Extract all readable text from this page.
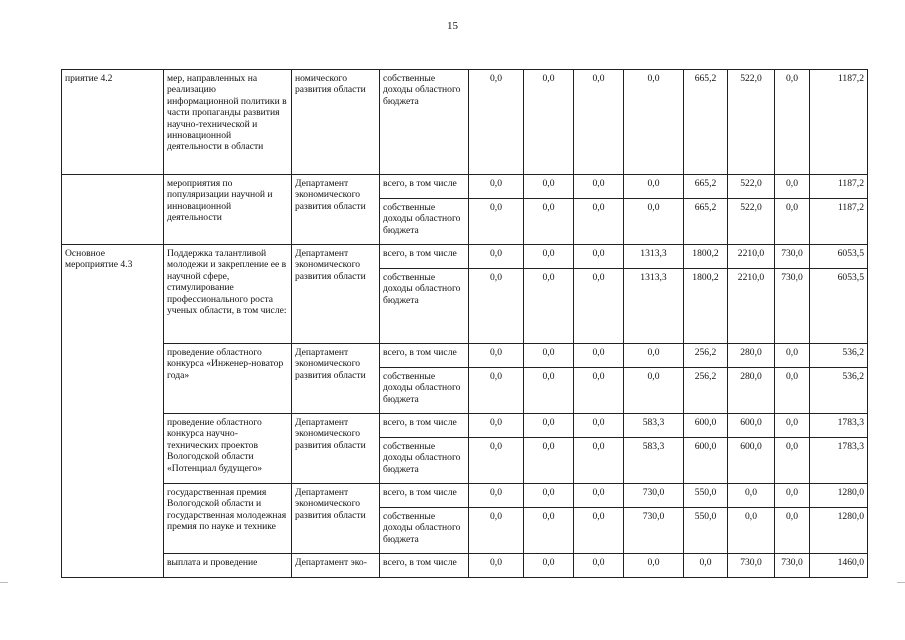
15
приятие 4.2	мер, направленных на реализацию информационной политики в части пропаганды развития научно-технической и инновационной деятельности в области	номического развития области	собственные доходы областного бюджета	0,0	0,0	0,0	0,0	665,2	522,0	0,0	1187,2
	мероприятия по популяризации научной и инновационной деятельности	Департамент экономического развития области	всего, в том числе	0,0	0,0	0,0	0,0	665,2	522,0	0,0	1187,2
			собственные доходы областного бюджета	0,0	0,0	0,0	0,0	665,2	522,0	0,0	1187,2
Основное мероприятие 4.3	Поддержка талантливой молодежи и закрепление ее в научной сфере, стимулирование профессионального роста ученых области, в том числе:	Департамент экономического развития области	всего, в том числе	0,0	0,0	0,0	1313,3	1800,2	2210,0	730,0	6053,5
			собственные доходы областного бюджета	0,0	0,0	0,0	1313,3	1800,2	2210,0	730,0	6053,5
	проведение областного конкурса «Инженер-новатор года»	Департамент экономического развития области	всего, в том числе	0,0	0,0	0,0	0,0	256,2	280,0	0,0	536,2
			собственные доходы областного бюджета	0,0	0,0	0,0	0,0	256,2	280,0	0,0	536,2
	проведение областного конкурса научно-технических проектов Вологодской области «Потенциал будущего»	Департамент экономического развития области	всего, в том числе	0,0	0,0	0,0	583,3	600,0	600,0	0,0	1783,3
			собственные доходы областного бюджета	0,0	0,0	0,0	583,3	600,0	600,0	0,0	1783,3
	государственная премия Вологодской области и государственная молодежная премия по науке и технике	Департамент экономического развития области	всего, в том числе	0,0	0,0	0,0	730,0	550,0	0,0	0,0	1280,0
			собственные доходы областного бюджета	0,0	0,0	0,0	730,0	550,0	0,0	0,0	1280,0
	выплата и проведение	Департамент эко-	всего, в том числе	0,0	0,0	0,0	0,0	0,0	730,0	730,0	1460,0
